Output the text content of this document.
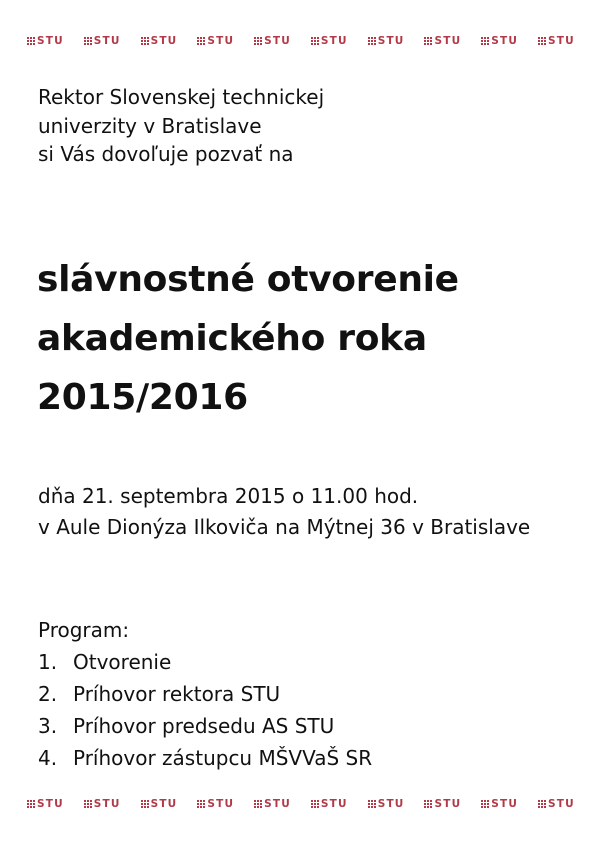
STU	STU	STU	STU	STU	STU	STU	STU	STU	STU
Rektor Slovenskej technickej
univerzity v Bratislave
si Vás dovoľuje pozvať na
slávnostné otvorenie
akademického roka
2015/2016
dňa 21. septembra 2015 o 11.00 hod.
v Aule Dionýza Ilkoviča na Mýtnej 36 v Bratislave
Program:
1. Otvorenie
2. Príhovor rektora STU
3. Príhovor predsedu AS STU
4. Príhovor zástupcu MŠVVaŠ SR
STU	STU	STU	STU	STU	STU	STU	STU	STU	STU
